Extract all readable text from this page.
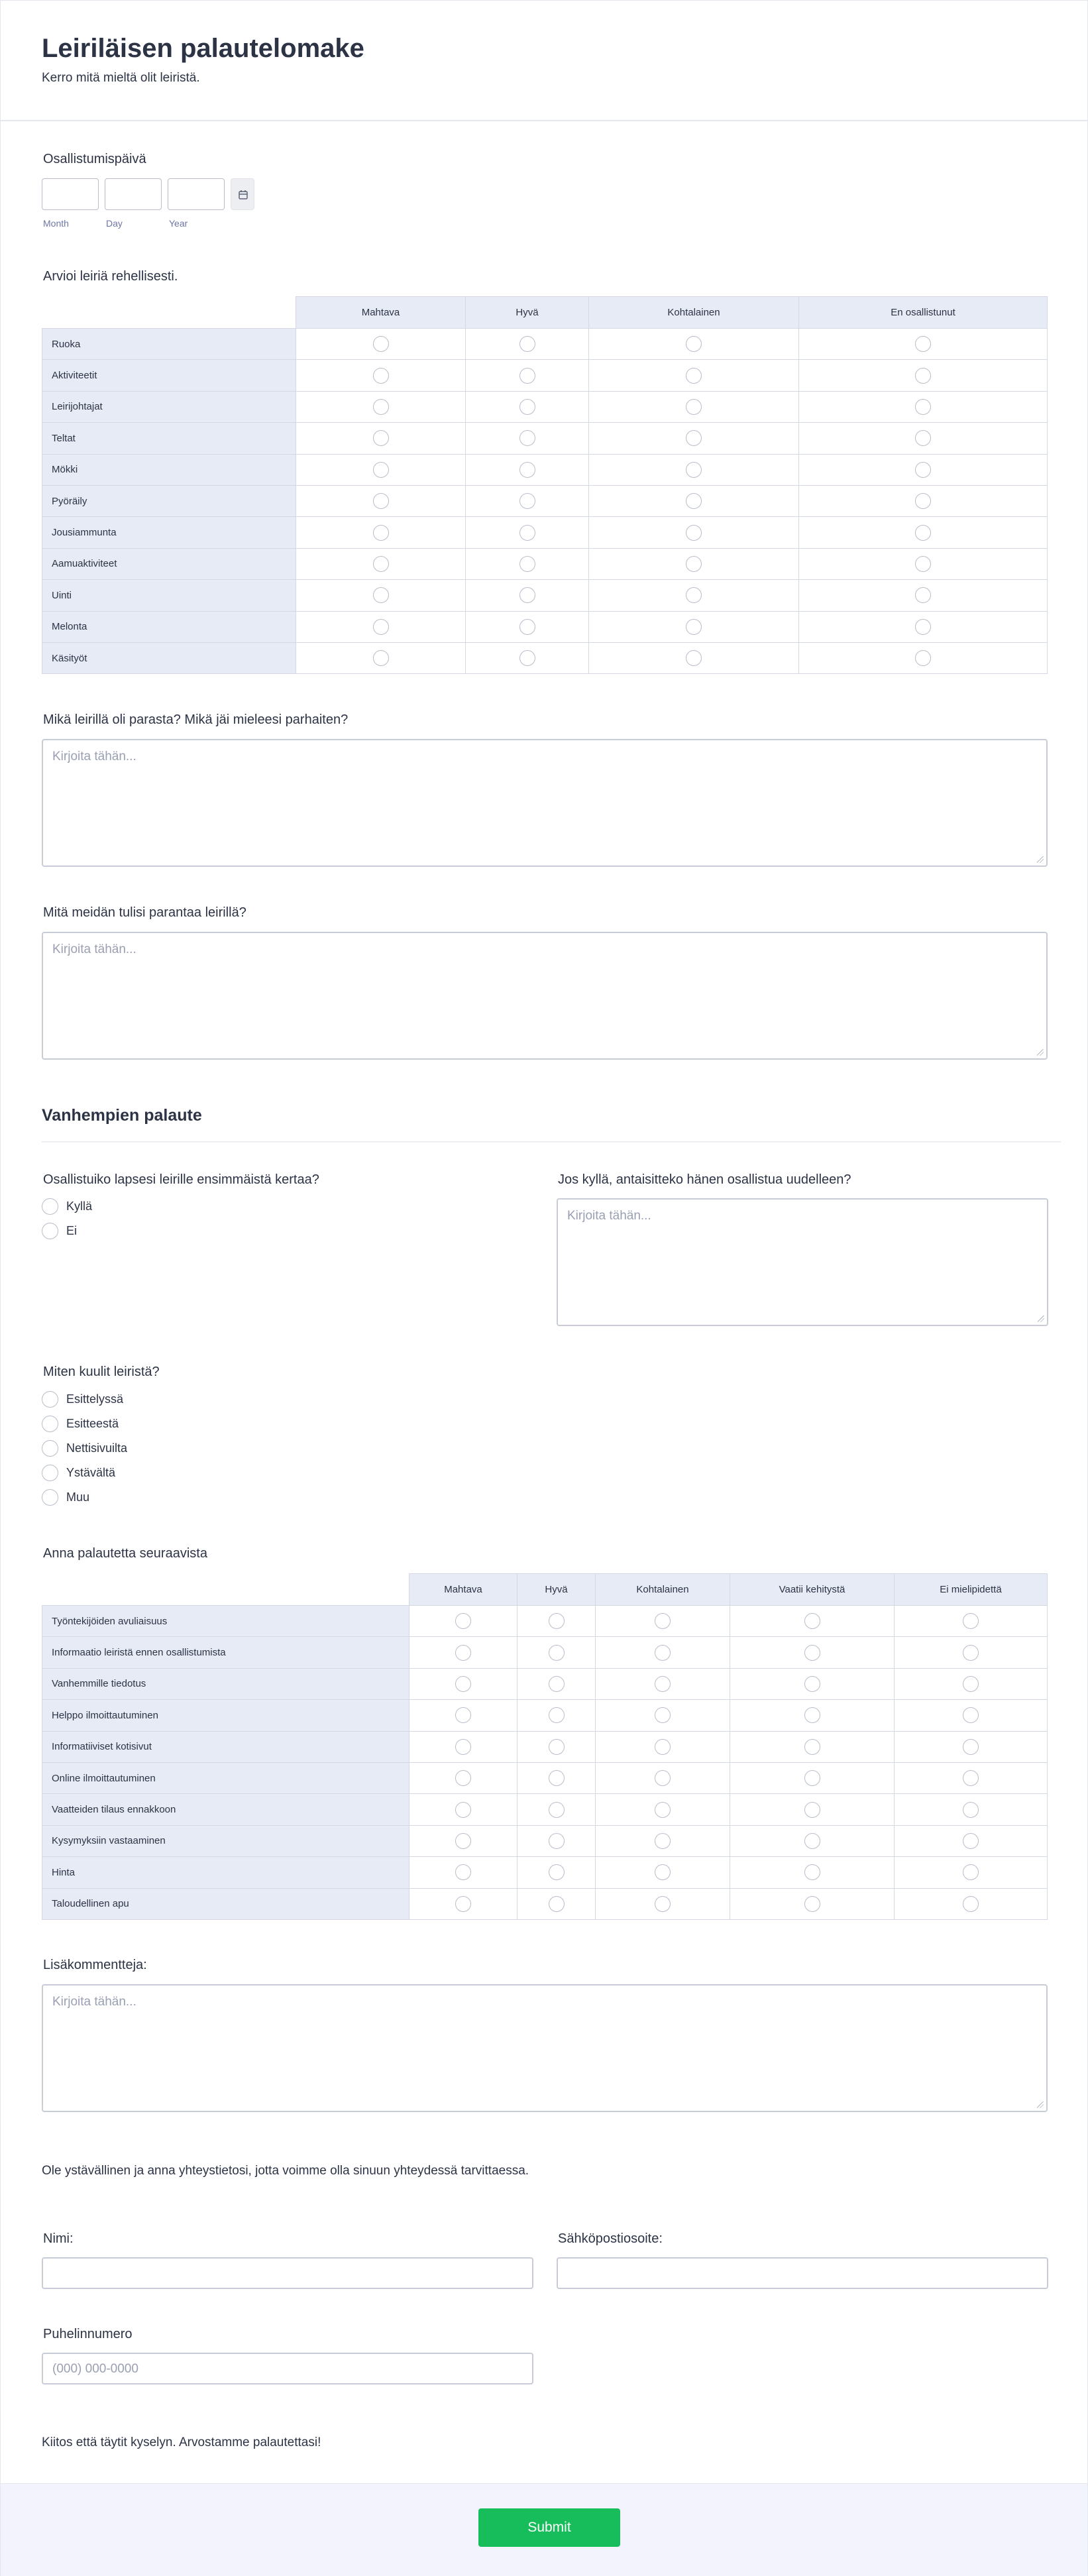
Leiriläisen palautelomake
Kerro mitä mieltä olit leiristä.
Osallistumispäivä
Month	Day	Year
Arvioi leiriä rehellisesti.
	Mahtava	Hyvä	Kohtalainen	En osallistunut
Ruoka				
Aktiviteetit				
Leirijohtajat				
Teltat				
Mökki				
Pyöräily				
Jousiammunta				
Aamuaktiviteet				
Uinti				
Melonta				
Käsityöt				
Mikä leirillä oli parasta? Mikä jäi mieleesi parhaiten?
Kirjoita tähän...
Mitä meidän tulisi parantaa leirillä?
Kirjoita tähän...
Vanhempien palaute
Osallistuiko lapsesi leirille ensimmäistä kertaa?
Kyllä
Ei
Jos kyllä, antaisitteko hänen osallistua uudelleen?
Kirjoita tähän...
Miten kuulit leiristä?
Esittelyssä
Esitteestä
Nettisivuilta
Ystävältä
Muu
Anna palautetta seuraavista
	Mahtava	Hyvä	Kohtalainen	Vaatii kehitystä	Ei mielipidettä
Työntekijöiden avuliaisuus					
Informaatio leiristä ennen osallistumista					
Vanhemmille tiedotus					
Helppo ilmoittautuminen					
Informatiiviset kotisivut					
Online ilmoittautuminen					
Vaatteiden tilaus ennakkoon					
Kysymyksiin vastaaminen					
Hinta					
Taloudellinen apu					
Lisäkommentteja:
Kirjoita tähän...
Ole ystävällinen ja anna yhteystietosi, jotta voimme olla sinuun yhteydessä tarvittaessa.
Nimi:	Sähköpostiosoite:
Puhelinnumero
(000) 000-0000
Kiitos että täytit kyselyn. Arvostamme palautettasi!
Submit
